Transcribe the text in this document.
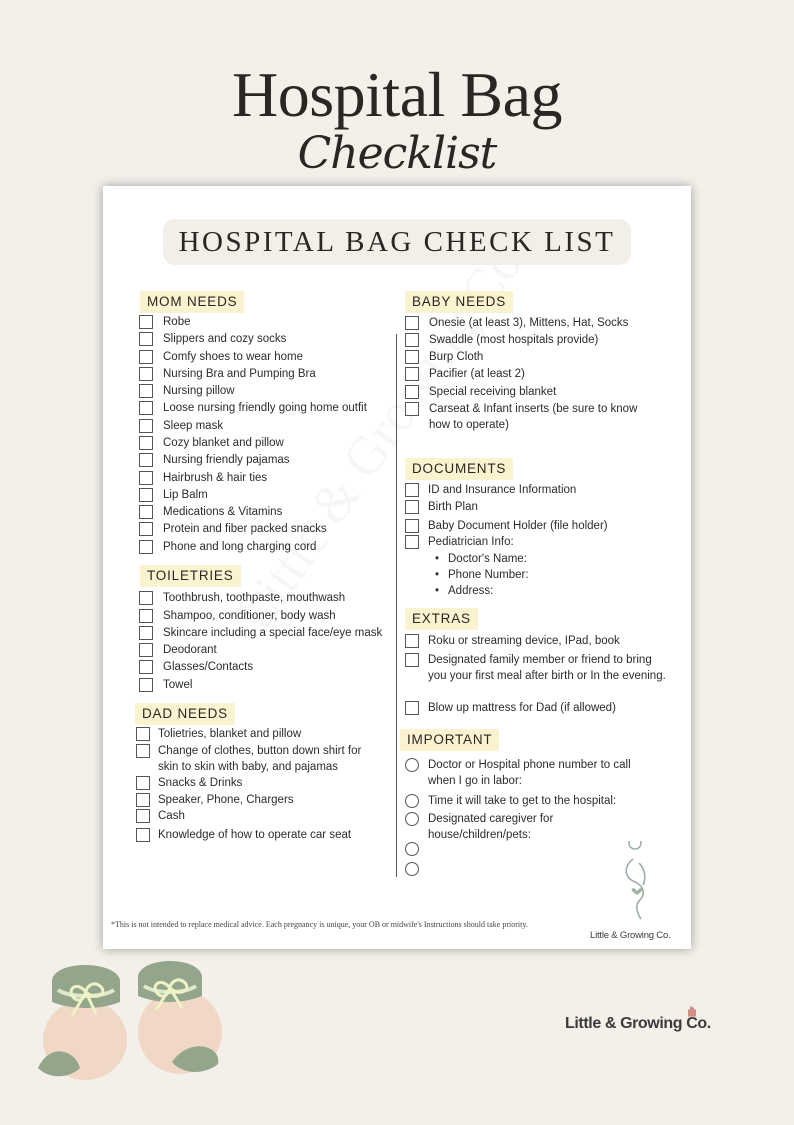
Hospital Bag
Checklist
HOSPITAL BAG CHECK LIST
MOM NEEDS
Robe
Slippers and cozy socks
Comfy shoes to wear home
Nursing Bra and Pumping Bra
Nursing pillow
Loose nursing friendly going home outfit
Sleep mask
Cozy blanket and pillow
Nursing friendly pajamas
Hairbrush & hair ties
Lip Balm
Medications & Vitamins
Protein and fiber packed snacks
Phone and long charging cord
TOILETRIES
Toothbrush, toothpaste, mouthwash
Shampoo, conditioner, body wash
Skincare including a special face/eye mask
Deodorant
Glasses/Contacts
Towel
DAD NEEDS
Tolietries, blanket and pillow
Change of clothes, button down shirt for skin to skin with baby, and pajamas
Snacks & Drinks
Speaker, Phone, Chargers
Cash
Knowledge of how to operate car seat
BABY NEEDS
Onesie (at least 3), Mittens, Hat, Socks
Swaddle (most hospitals provide)
Burp Cloth
Pacifier (at least 2)
Special receiving blanket
Carseat & Infant inserts (be sure to know how to operate)
DOCUMENTS
ID and Insurance Information
Birth Plan
Baby Document Holder (file holder)
Pediatrician Info:
• Doctor's Name:
• Phone Number:
• Address:
EXTRAS
Roku or streaming device, IPad, book
Designated family member or friend to bring you your first meal after birth or In the evening.
Blow up mattress for Dad (if allowed)
IMPORTANT
Doctor or Hospital phone number to call when I go in labor:
Time it will take to get to the hospital:
Designated caregiver for house/children/pets:
*This is not intended to replace medical advice. Each pregnancy is unique, your OB or midwife's Instructions should take priority.
Little & Growing Co.
Little & Growing Co.
